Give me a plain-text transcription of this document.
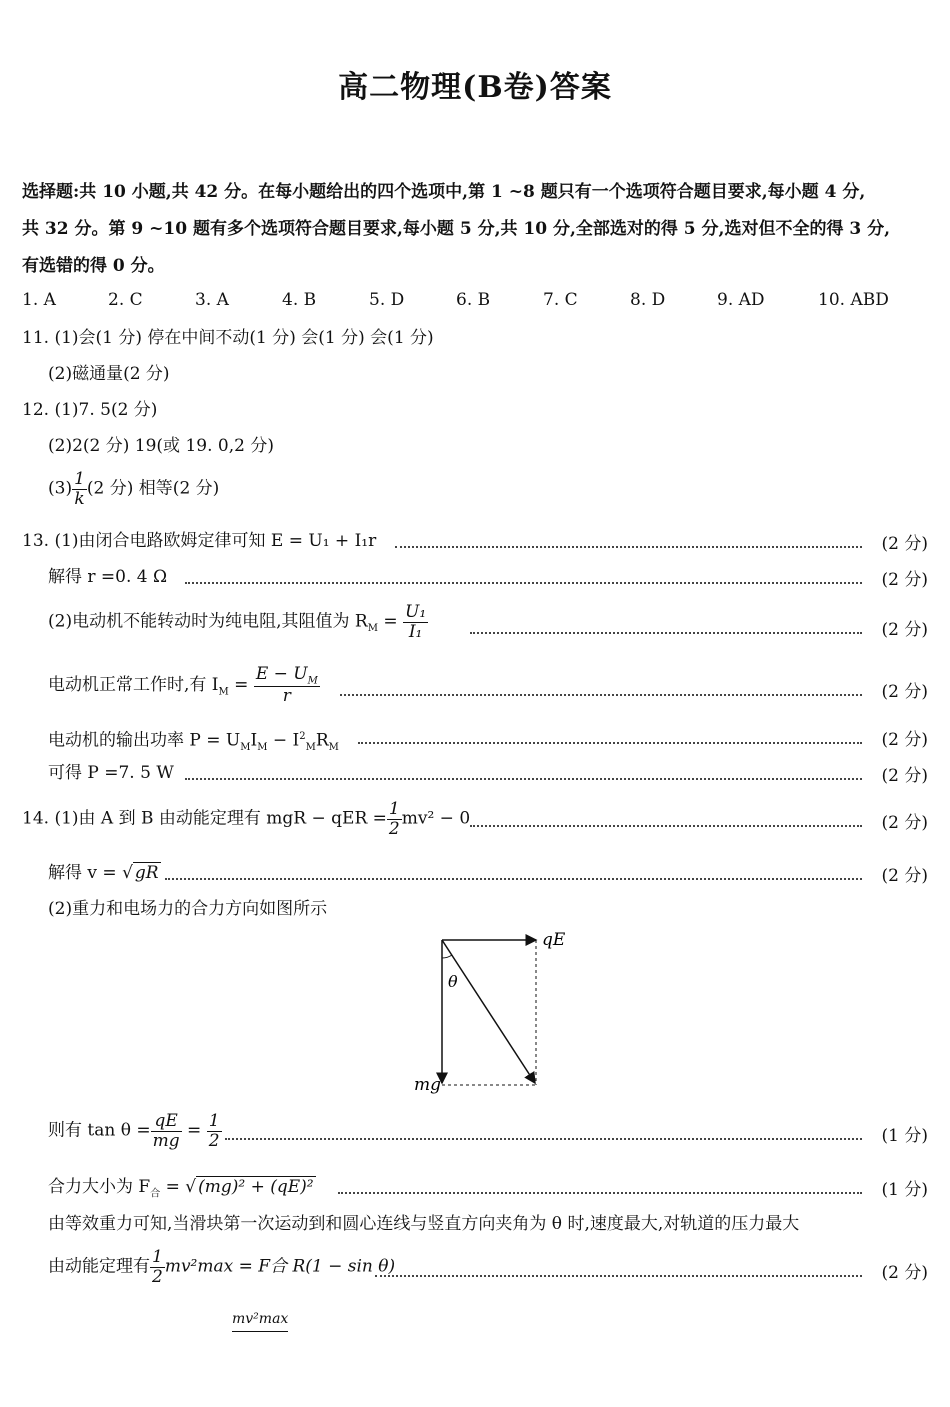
高二物理(B卷)答案
选择题:共 10 小题,共 42 分。在每小题给出的四个选项中,第 1 ~8 题只有一个选项符合题目要求,每小题 4 分,
共 32 分。第 9 ~10 题有多个选项符合题目要求,每小题 5 分,共 10 分,全部选对的得 5 分,选对但不全的得 3 分,
有选错的得 0 分。
1. A	2. C	3. A	4. B	5. D	6. B	7. C	8. D	9. AD	10. ABD
11. (1)会(1 分) 停在中间不动(1 分) 会(1 分) 会(1 分)
(2)磁通量(2 分)
12. (1)7. 5(2 分)
(2)2(2 分) 19(或 19. 0,2 分)
$(3) \frac{1}{k} (2$ 分) 相等(2 分)
13. (1)由闭合电路欧姆定律可知 E = U₁ + I₁r	(2 分)
解得 r =0. 4 Ω	(2 分)
(2)电动机不能转动时为纯电阻,其阻值为 $R_M = \frac{\text{U₁}}{\text{I₁}}$	(2 分)
电动机正常工作时,有 $I_M = \frac{E - U_M}{r}$	(2 分)
电动机的输出功率 $P = U_MI_M - I^2_MR_M$	(2 分)
可得 P =7. 5 W	(2 分)
14. (1)由 A 到 B 由动能定理有 mgR − qER = $\frac{1}{2} mv^2 - 0$	(2 分)
解得 v = √ gR	(2 分)
(2)重力和电场力的合力方向如图所示
qE
θ
mg
则有 $\tan \theta = \frac{qE}{mg} = \frac{1}{2}$	(1 分)
合力大小为 $F_合$ = √ (mg)² + (qE)²	(1 分)
由等效重力可知,当滑块第一次运动到和圆心连线与竖直方向夹角为 θ 时,速度最大,对轨道的压力最大
由动能定理有 $\frac{1}{2} mv^2\max = F$合 R(1 − sin θ)	(2 分)
mv²max
